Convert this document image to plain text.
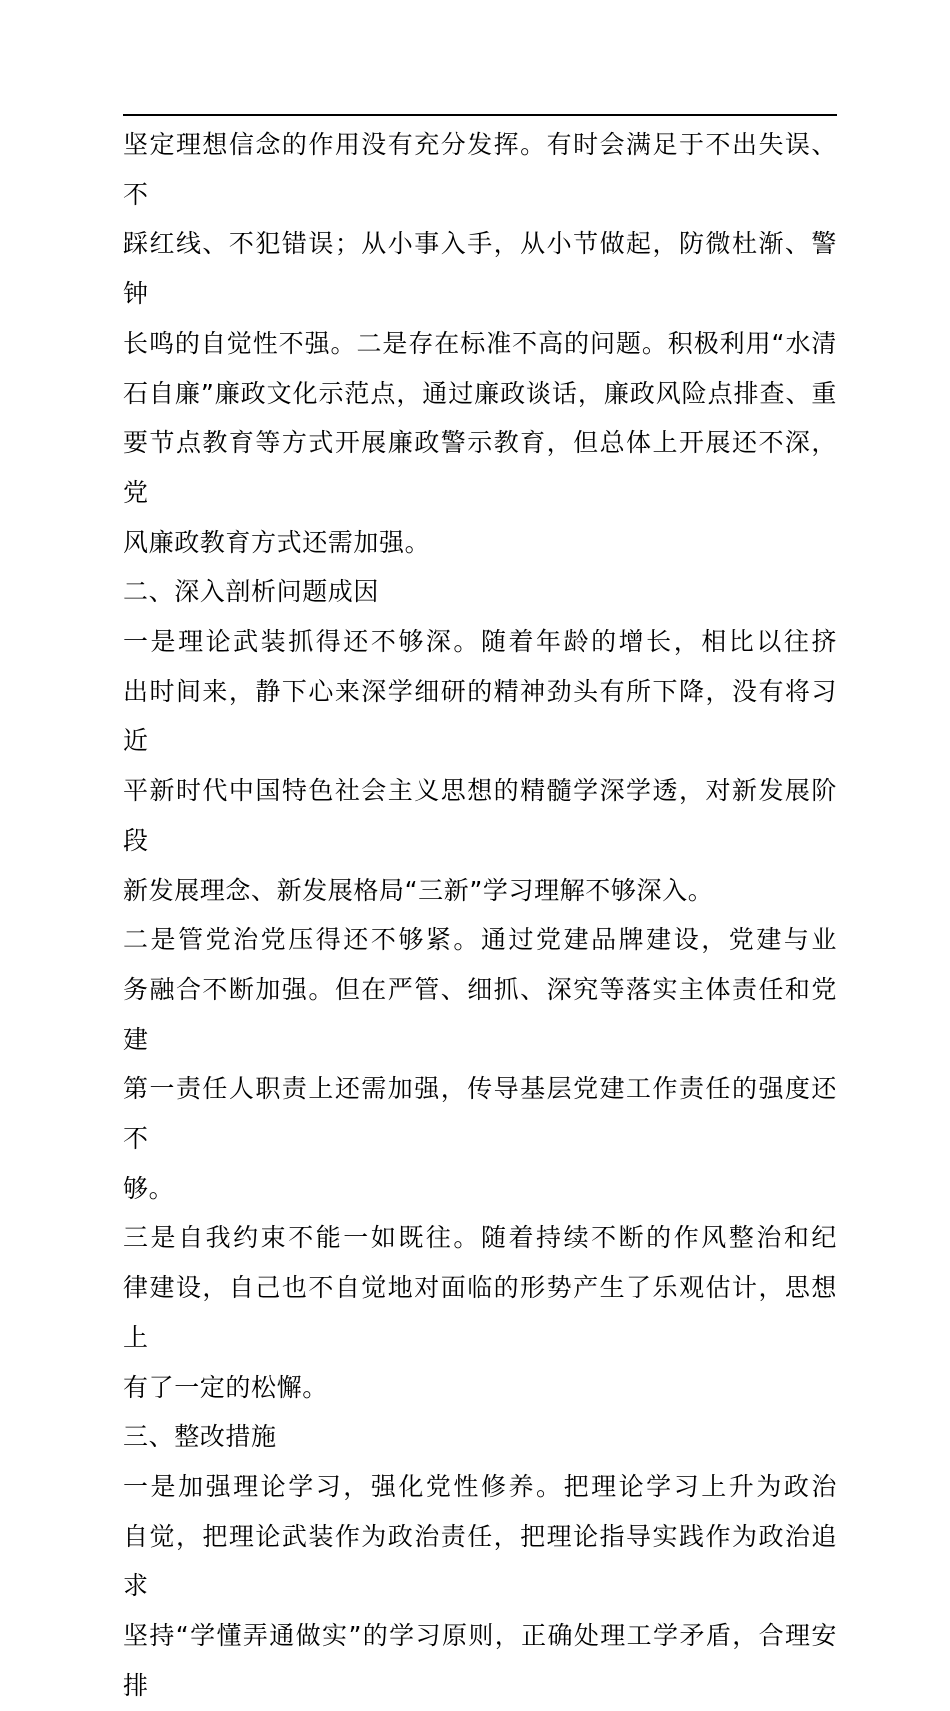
坚定理想信念的作用没有充分发挥。有时会满足于不出失误、不

踩红线、不犯错误；从小事入手，从小节做起，防微杜渐、警钟

长鸣的自觉性不强。二是存在标准不高的问题。积极利用“水清

石自廉”廉政文化示范点，通过廉政谈话，廉政风险点排查、重

要节点教育等方式开展廉政警示教育，但总体上开展还不深，党

风廉政教育方式还需加强。

二、深入剖析问题成因

一是理论武装抓得还不够深。随着年龄的增长，相比以往挤

出时间来，静下心来深学细研的精神劲头有所下降，没有将习近

平新时代中国特色社会主义思想的精髓学深学透，对新发展阶段

新发展理念、新发展格局“三新”学习理解不够深入。

二是管党治党压得还不够紧。通过党建品牌建设，党建与业

务融合不断加强。但在严管、细抓、深究等落实主体责任和党建

第一责任人职责上还需加强，传导基层党建工作责任的强度还不

够。

三是自我约束不能一如既往。随着持续不断的作风整治和纪

律建设，自己也不自觉地对面临的形势产生了乐观估计，思想上

有了一定的松懈。

三、整改措施

一是加强理论学习，强化党性修养。把理论学习上升为政治

自觉，把理论武装作为政治责任，把理论指导实践作为政治追求

坚持“学懂弄通做实”的学习原则，正确处理工学矛盾，合理安排
